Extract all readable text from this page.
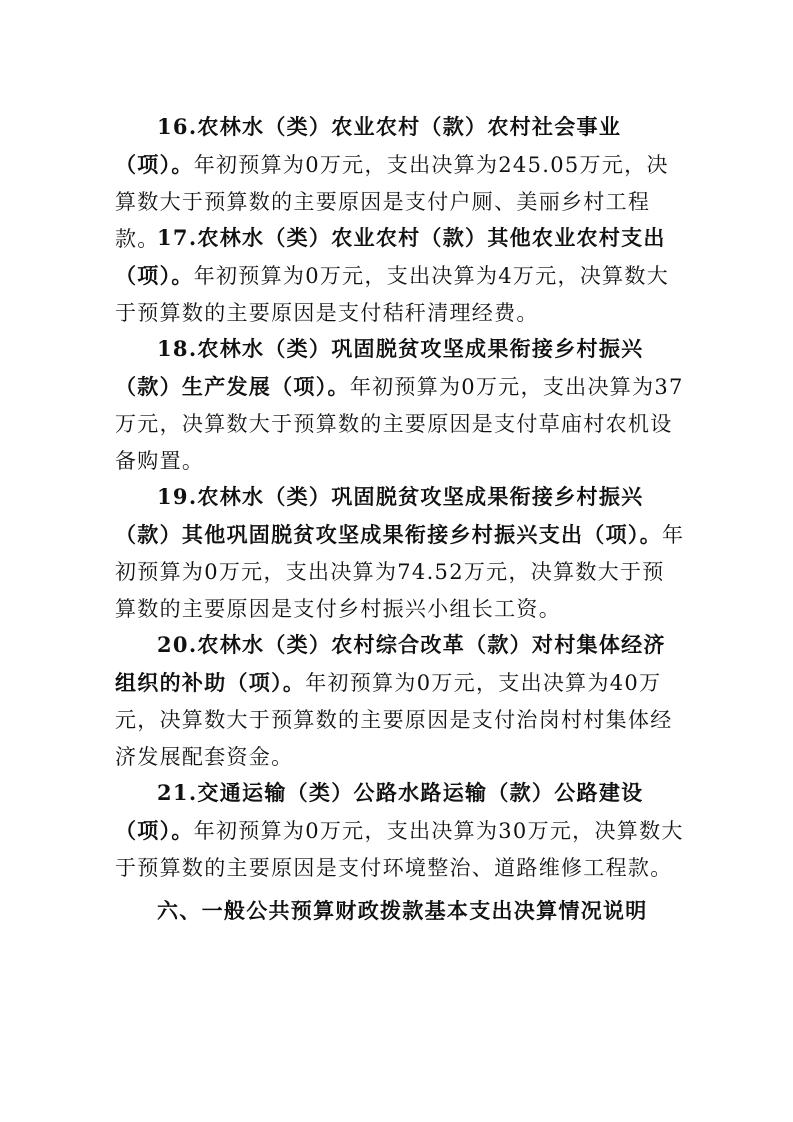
16.农林水（类）农业农村（款）农村社会事业（项）。年初预算为0万元，支出决算为245.05万元，决算数大于预算数的主要原因是支付户厕、美丽乡村工程款。

17.农林水（类）农业农村（款）其他农业农村支出（项）。年初预算为0万元，支出决算为4万元，决算数大于预算数的主要原因是支付秸秆清理经费。

18.农林水（类）巩固脱贫攻坚成果衔接乡村振兴（款）生产发展（项）。年初预算为0万元，支出决算为37万元，决算数大于预算数的主要原因是支付草庙村农机设备购置。

19.农林水（类）巩固脱贫攻坚成果衔接乡村振兴（款）其他巩固脱贫攻坚成果衔接乡村振兴支出（项）。年初预算为0万元，支出决算为74.52万元，决算数大于预算数的主要原因是支付乡村振兴小组长工资。

20.农林水（类）农村综合改革（款）对村集体经济组织的补助（项）。年初预算为0万元，支出决算为40万元，决算数大于预算数的主要原因是支付治岗村村集体经济发展配套资金。

21.交通运输（类）公路水路运输（款）公路建设（项）。年初预算为0万元，支出决算为30万元，决算数大于预算数的主要原因是支付环境整治、道路维修工程款。

六、一般公共预算财政拨款基本支出决算情况说明
